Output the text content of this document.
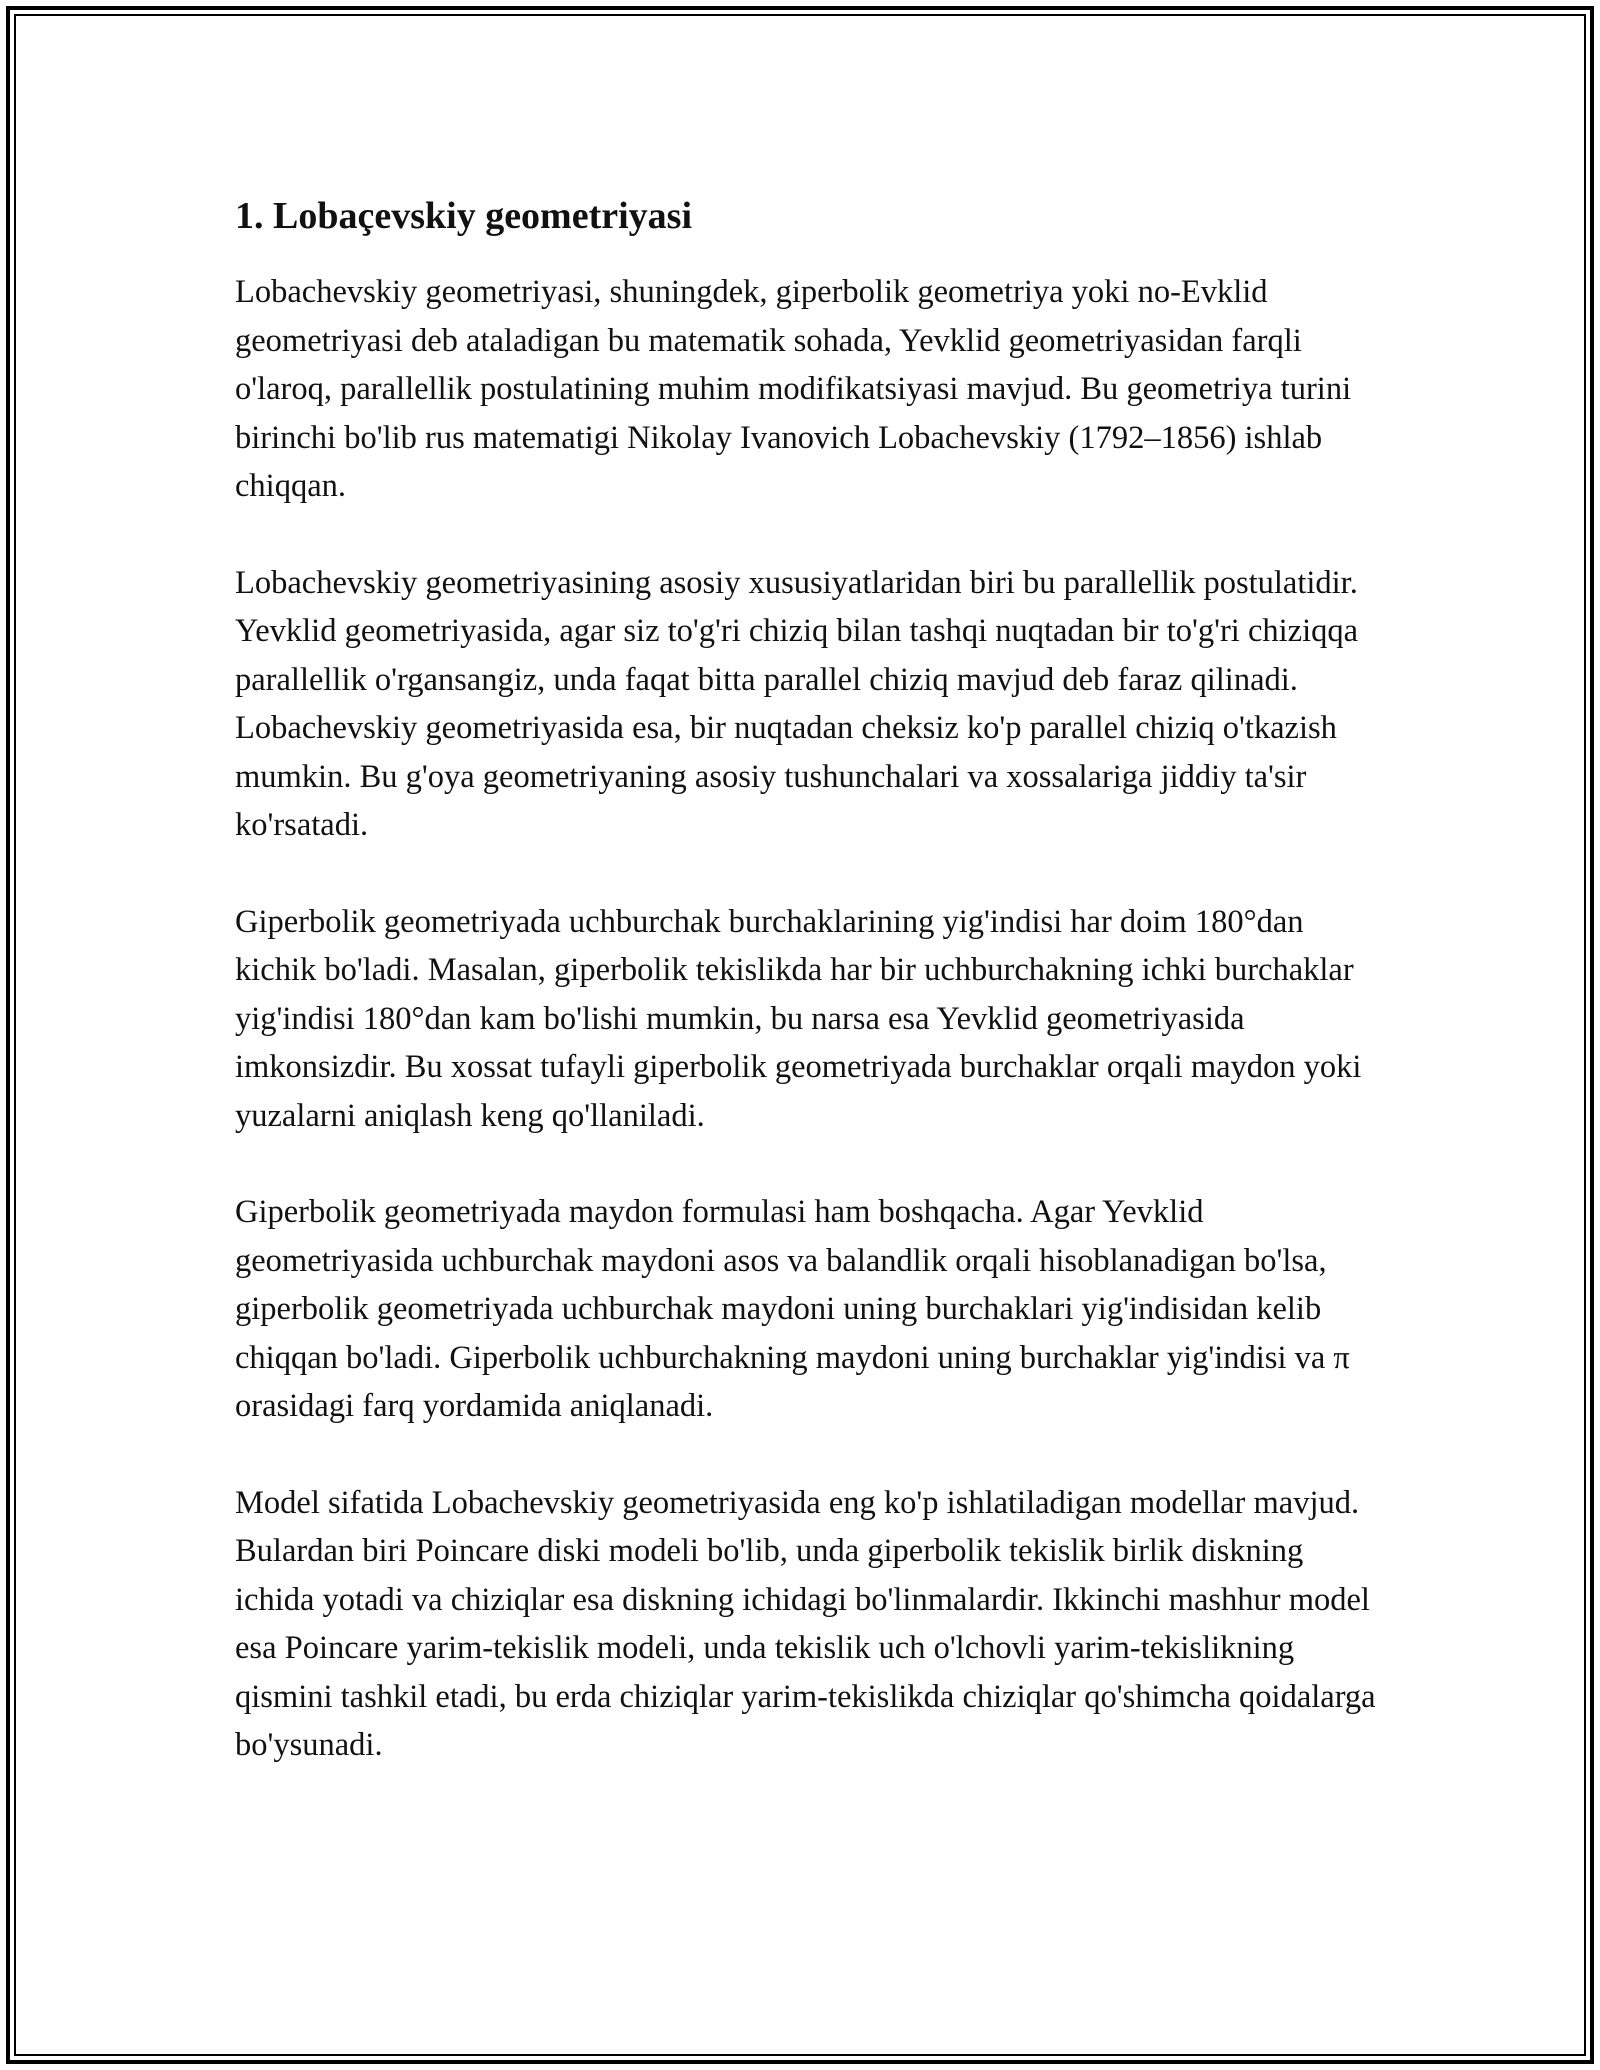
1. Lobaçevskiy geometriyasi

Lobachevskiy geometriyasi, shuningdek, giperbolik geometriya yoki no-Evklid geometriyasi deb ataladigan bu matematik sohada, Yevklid geometriyasidan farqli o'laroq, parallellik postulatining muhim modifikatsiyasi mavjud. Bu geometriya turini birinchi bo'lib rus matematigi Nikolay Ivanovich Lobachevskiy (1792–1856) ishlab chiqqan.

Lobachevskiy geometriyasining asosiy xususiyatlaridan biri bu parallellik postulatidir. Yevklid geometriyasida, agar siz to'g'ri chiziq bilan tashqi nuqtadan bir to'g'ri chiziqqa parallellik o'rgansangiz, unda faqat bitta parallel chiziq mavjud deb faraz qilinadi. Lobachevskiy geometriyasida esa, bir nuqtadan cheksiz ko'p parallel chiziq o'tkazish mumkin. Bu g'oya geometriyaning asosiy tushunchalari va xossalariga jiddiy ta'sir ko'rsatadi.

Giperbolik geometriyada uchburchak burchaklarining yig'indisi har doim 180°dan kichik bo'ladi. Masalan, giperbolik tekislikda har bir uchburchakning ichki burchaklar yig'indisi 180°dan kam bo'lishi mumkin, bu narsa esa Yevklid geometriyasida imkonsizdir. Bu xossat tufayli giperbolik geometriyada burchaklar orqali maydon yoki yuzalarni aniqlash keng qo'llaniladi.

Giperbolik geometriyada maydon formulasi ham boshqacha. Agar Yevklid geometriyasida uchburchak maydoni asos va balandlik orqali hisoblanadigan bo'lsa, giperbolik geometriyada uchburchak maydoni uning burchaklari yig'indisidan kelib chiqqan bo'ladi. Giperbolik uchburchakning maydoni uning burchaklar yig'indisi va π orasidagi farq yordamida aniqlanadi.

Model sifatida Lobachevskiy geometriyasida eng ko'p ishlatiladigan modellar mavjud. Bulardan biri Poincare diski modeli bo'lib, unda giperbolik tekislik birlik diskning ichida yotadi va chiziqlar esa diskning ichidagi bo'linmalardir. Ikkinchi mashhur model esa Poincare yarim-tekislik modeli, unda tekislik uch o'lchovli yarim-tekislikning qismini tashkil etadi, bu erda chiziqlar yarim-tekislikda chiziqlar qo'shimcha qoidalarga bo'ysunadi.
